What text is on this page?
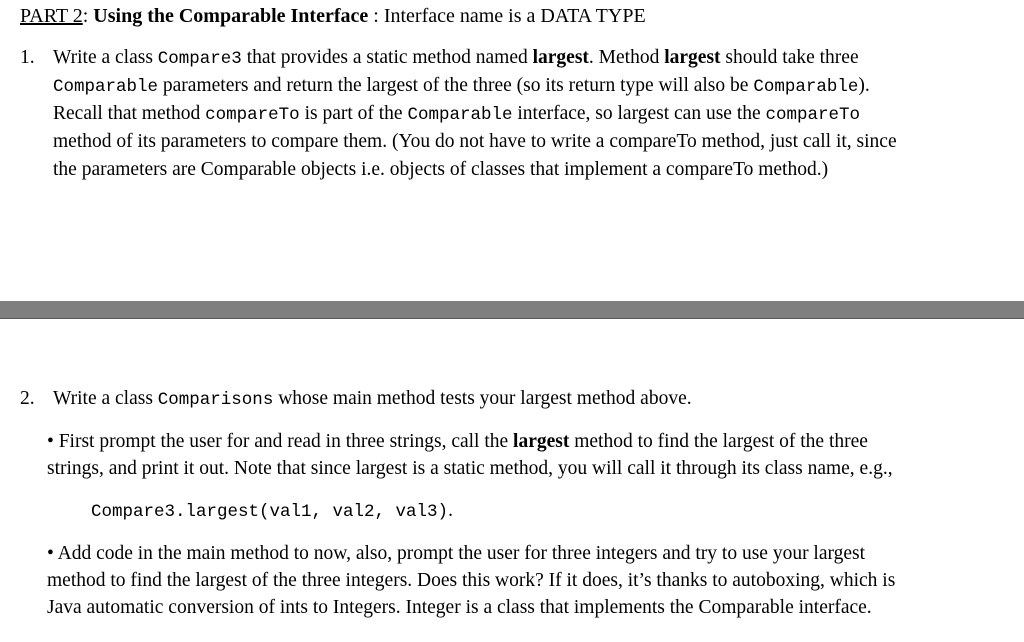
PART 2: Using the Comparable Interface : Interface name is a DATA TYPE
1. Write a class Compare3 that provides a static method named largest. Method largest should take three
Comparable parameters and return the largest of the three (so its return type will also be Comparable).
Recall that method compareTo is part of the Comparable interface, so largest can use the compareTo
method of its parameters to compare them. (You do not have to write a compareTo method, just call it, since
the parameters are Comparable objects i.e. objects of classes that implement a compareTo method.)
2. Write a class Comparisons whose main method tests your largest method above.
• First prompt the user for and read in three strings, call the largest method to find the largest of the three
strings, and print it out. Note that since largest is a static method, you will call it through its class name, e.g.,
Compare3.largest(val1, val2, val3).
• Add code in the main method to now, also, prompt the user for three integers and try to use your largest
method to find the largest of the three integers. Does this work? If it does, it’s thanks to autoboxing, which is
Java automatic conversion of ints to Integers. Integer is a class that implements the Comparable interface.
